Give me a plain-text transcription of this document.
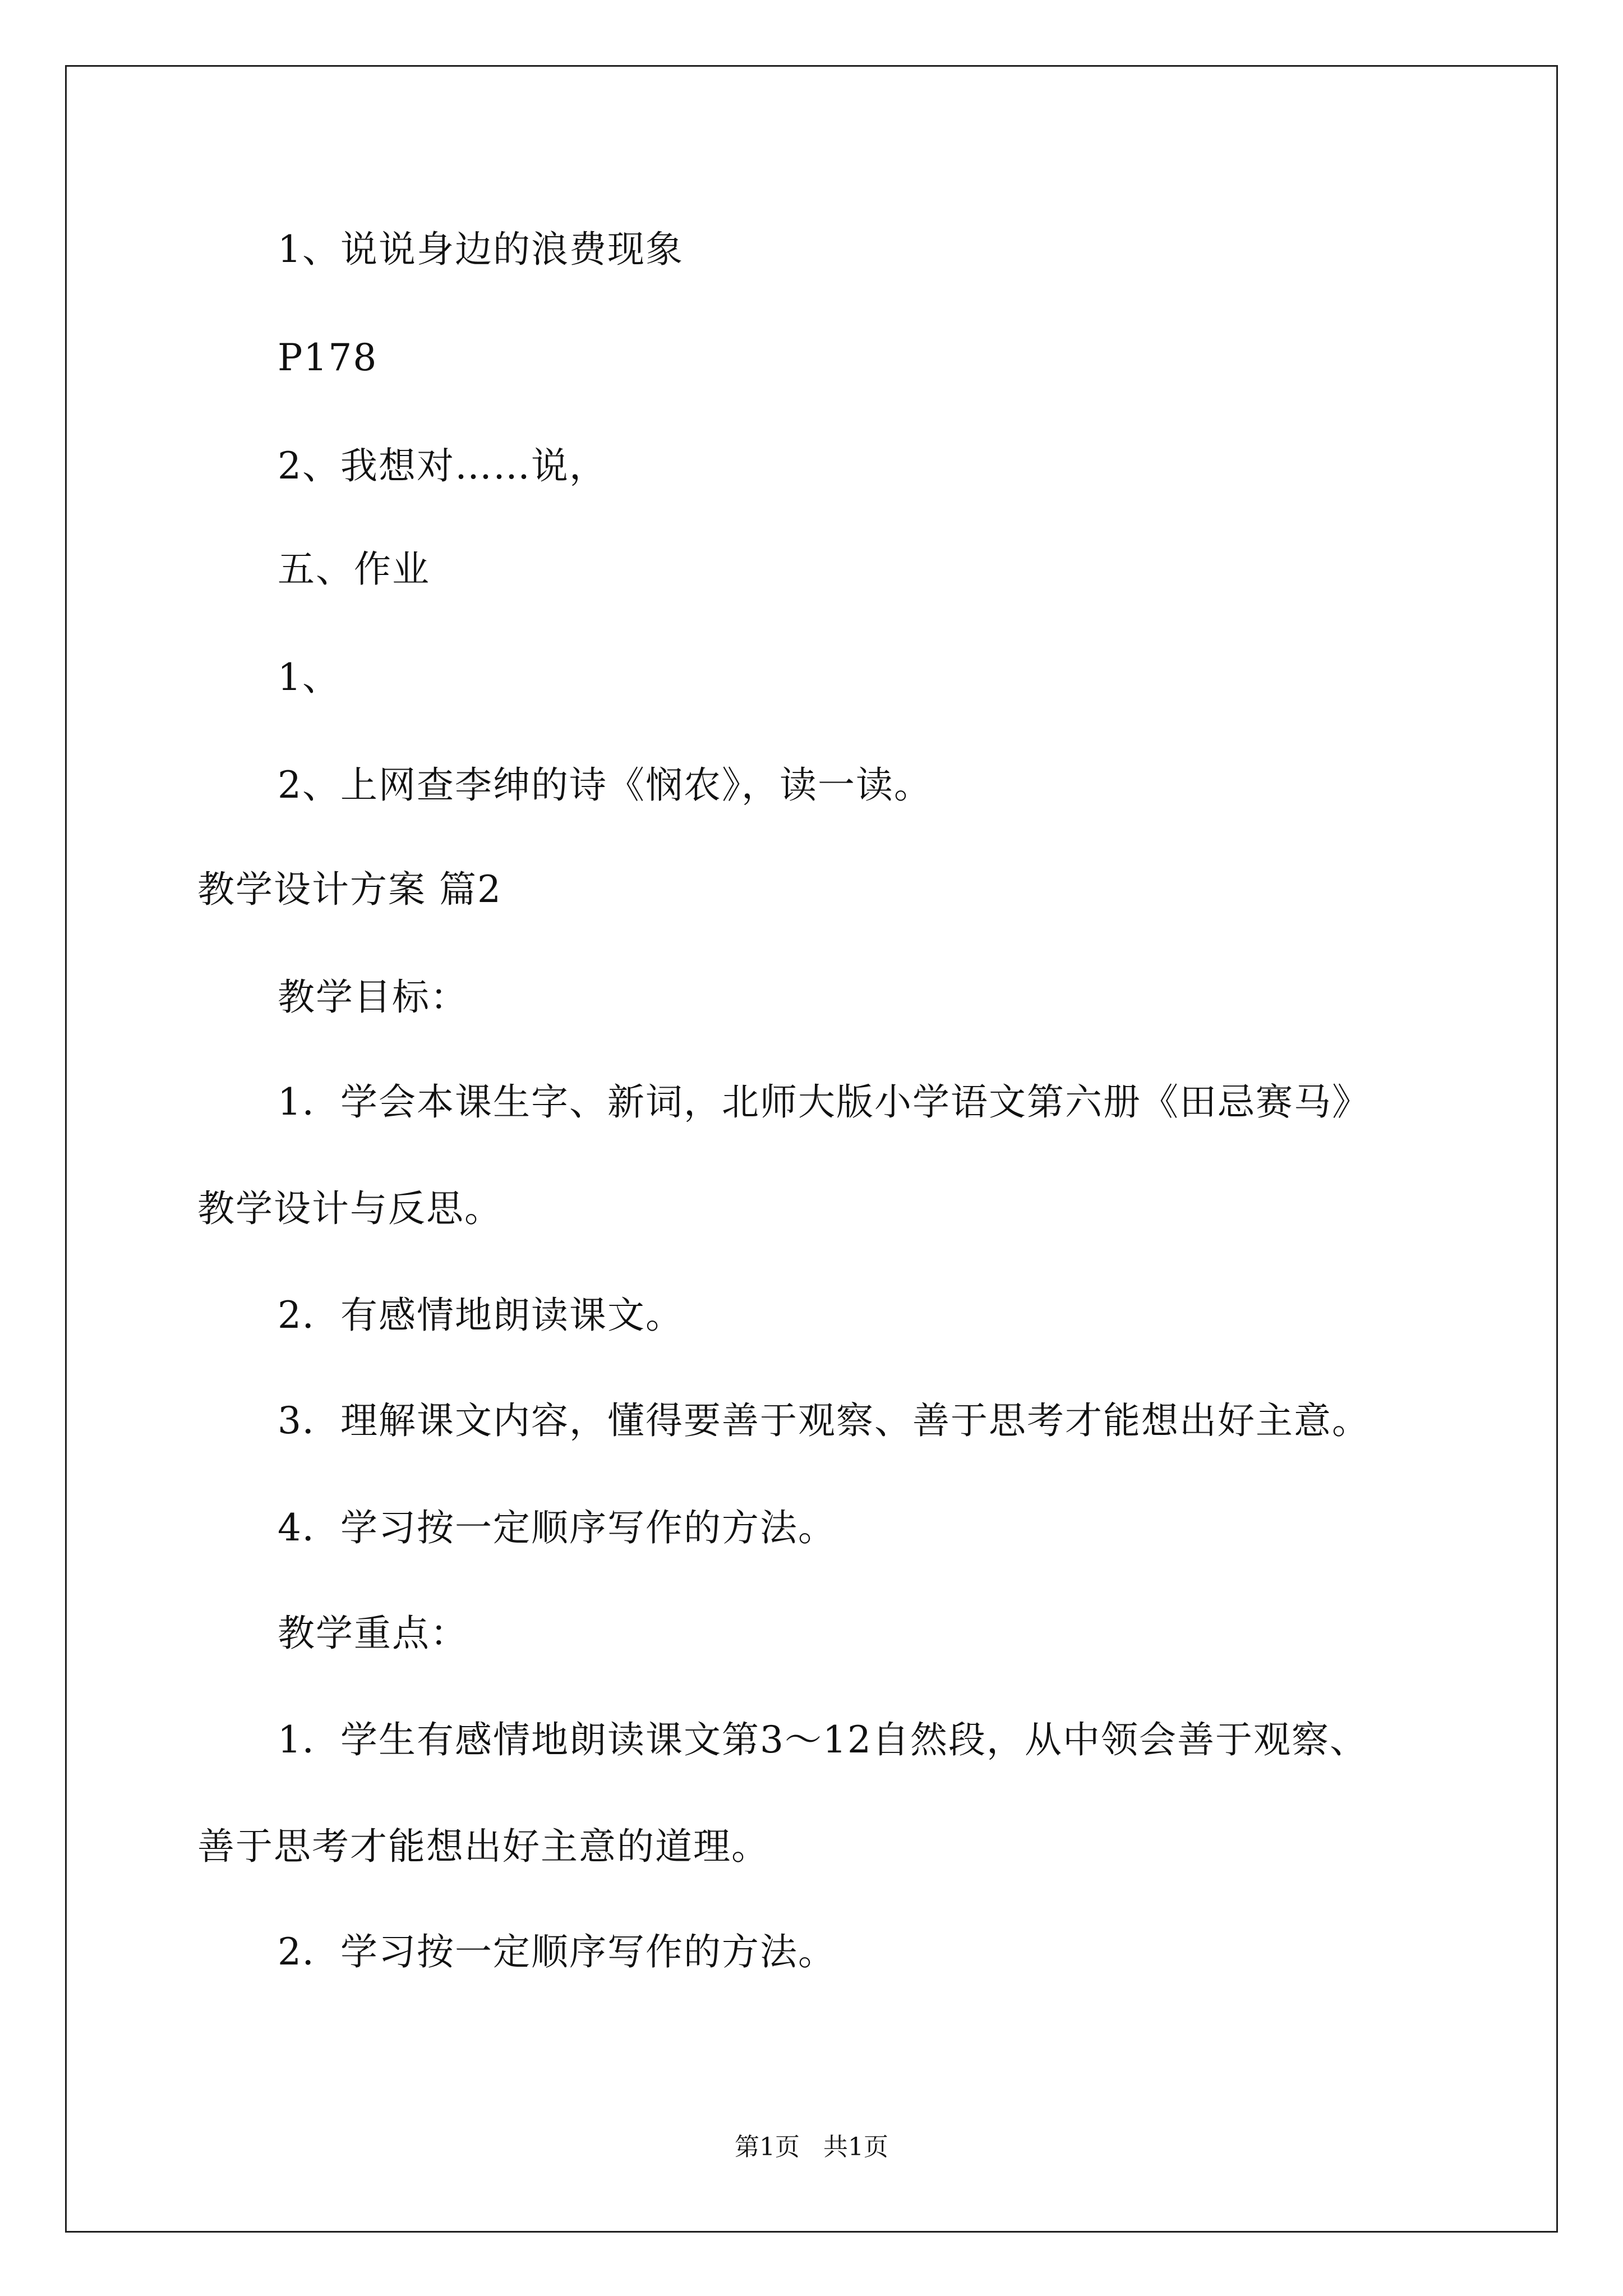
1、说说身边的浪费现象
P178
2、我想对……说，
五、作业
1、
2、上网查李绅的诗《悯农》，读一读。
教学设计方案 篇2
教学目标：
1．学会本课生字、新词，北师大版小学语文第六册《田忌赛马》
教学设计与反思。
2．有感情地朗读课文。
3．理解课文内容，懂得要善于观察、善于思考才能想出好主意。
4．学习按一定顺序写作的方法。
教学重点：
1．学生有感情地朗读课文第3～12自然段，从中领会善于观察、
善于思考才能想出好主意的道理。
2．学习按一定顺序写作的方法。
第1页   共1页
